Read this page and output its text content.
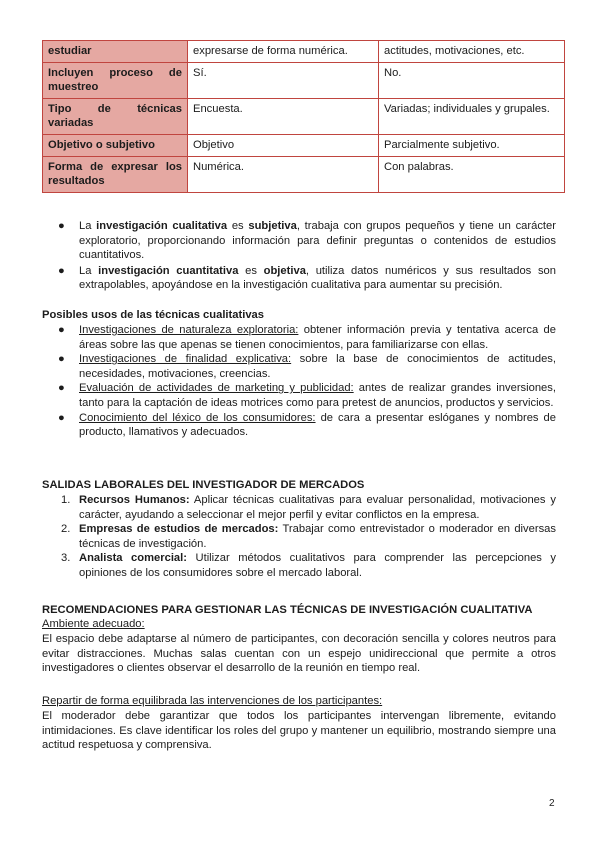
estudiar	expresarse de forma numérica.	actitudes, motivaciones, etc.
Incluyen proceso de muestreo	Sí.	No.
Tipo de técnicas variadas	Encuesta.	Variadas; individuales y grupales.
Objetivo o subjetivo	Objetivo	Parcialmente subjetivo.
Forma de expresar los resultados	Numérica.	Con palabras.
● La investigación cualitativa es subjetiva, trabaja con grupos pequeños y tiene un carácter exploratorio, proporcionando información para definir preguntas o contenidos de estudios cuantitativos.
● La investigación cuantitativa es objetiva, utiliza datos numéricos y sus resultados son extrapolables, apoyándose en la investigación cualitativa para aumentar su precisión.
Posibles usos de las técnicas cualitativas
● Investigaciones de naturaleza exploratoria: obtener información previa y tentativa acerca de áreas sobre las que apenas se tienen conocimientos, para familiarizarse con ellas.
● Investigaciones de finalidad explicativa: sobre la base de conocimientos de actitudes, necesidades, motivaciones, creencias.
● Evaluación de actividades de marketing y publicidad: antes de realizar grandes inversiones, tanto para la captación de ideas motrices como para pretest de anuncios, productos y servicios.
● Conocimiento del léxico de los consumidores: de cara a presentar eslóganes y nombres de producto, llamativos y adecuados.
SALIDAS LABORALES DEL INVESTIGADOR DE MERCADOS
1. Recursos Humanos: Aplicar técnicas cualitativas para evaluar personalidad, motivaciones y carácter, ayudando a seleccionar el mejor perfil y evitar conflictos en la empresa.
2. Empresas de estudios de mercados: Trabajar como entrevistador o moderador en diversas técnicas de investigación.
3. Analista comercial: Utilizar métodos cualitativos para comprender las percepciones y opiniones de los consumidores sobre el mercado laboral.
RECOMENDACIONES PARA GESTIONAR LAS TÉCNICAS DE INVESTIGACIÓN CUALITATIVA
Ambiente adecuado:
El espacio debe adaptarse al número de participantes, con decoración sencilla y colores neutros para evitar distracciones. Muchas salas cuentan con un espejo unidireccional que permite a otros investigadores o clientes observar el desarrollo de la reunión en tiempo real.
Repartir de forma equilibrada las intervenciones de los participantes:
El moderador debe garantizar que todos los participantes intervengan libremente, evitando intimidaciones. Es clave identificar los roles del grupo y mantener un equilibrio, mostrando siempre una actitud respetuosa y comprensiva.
2
